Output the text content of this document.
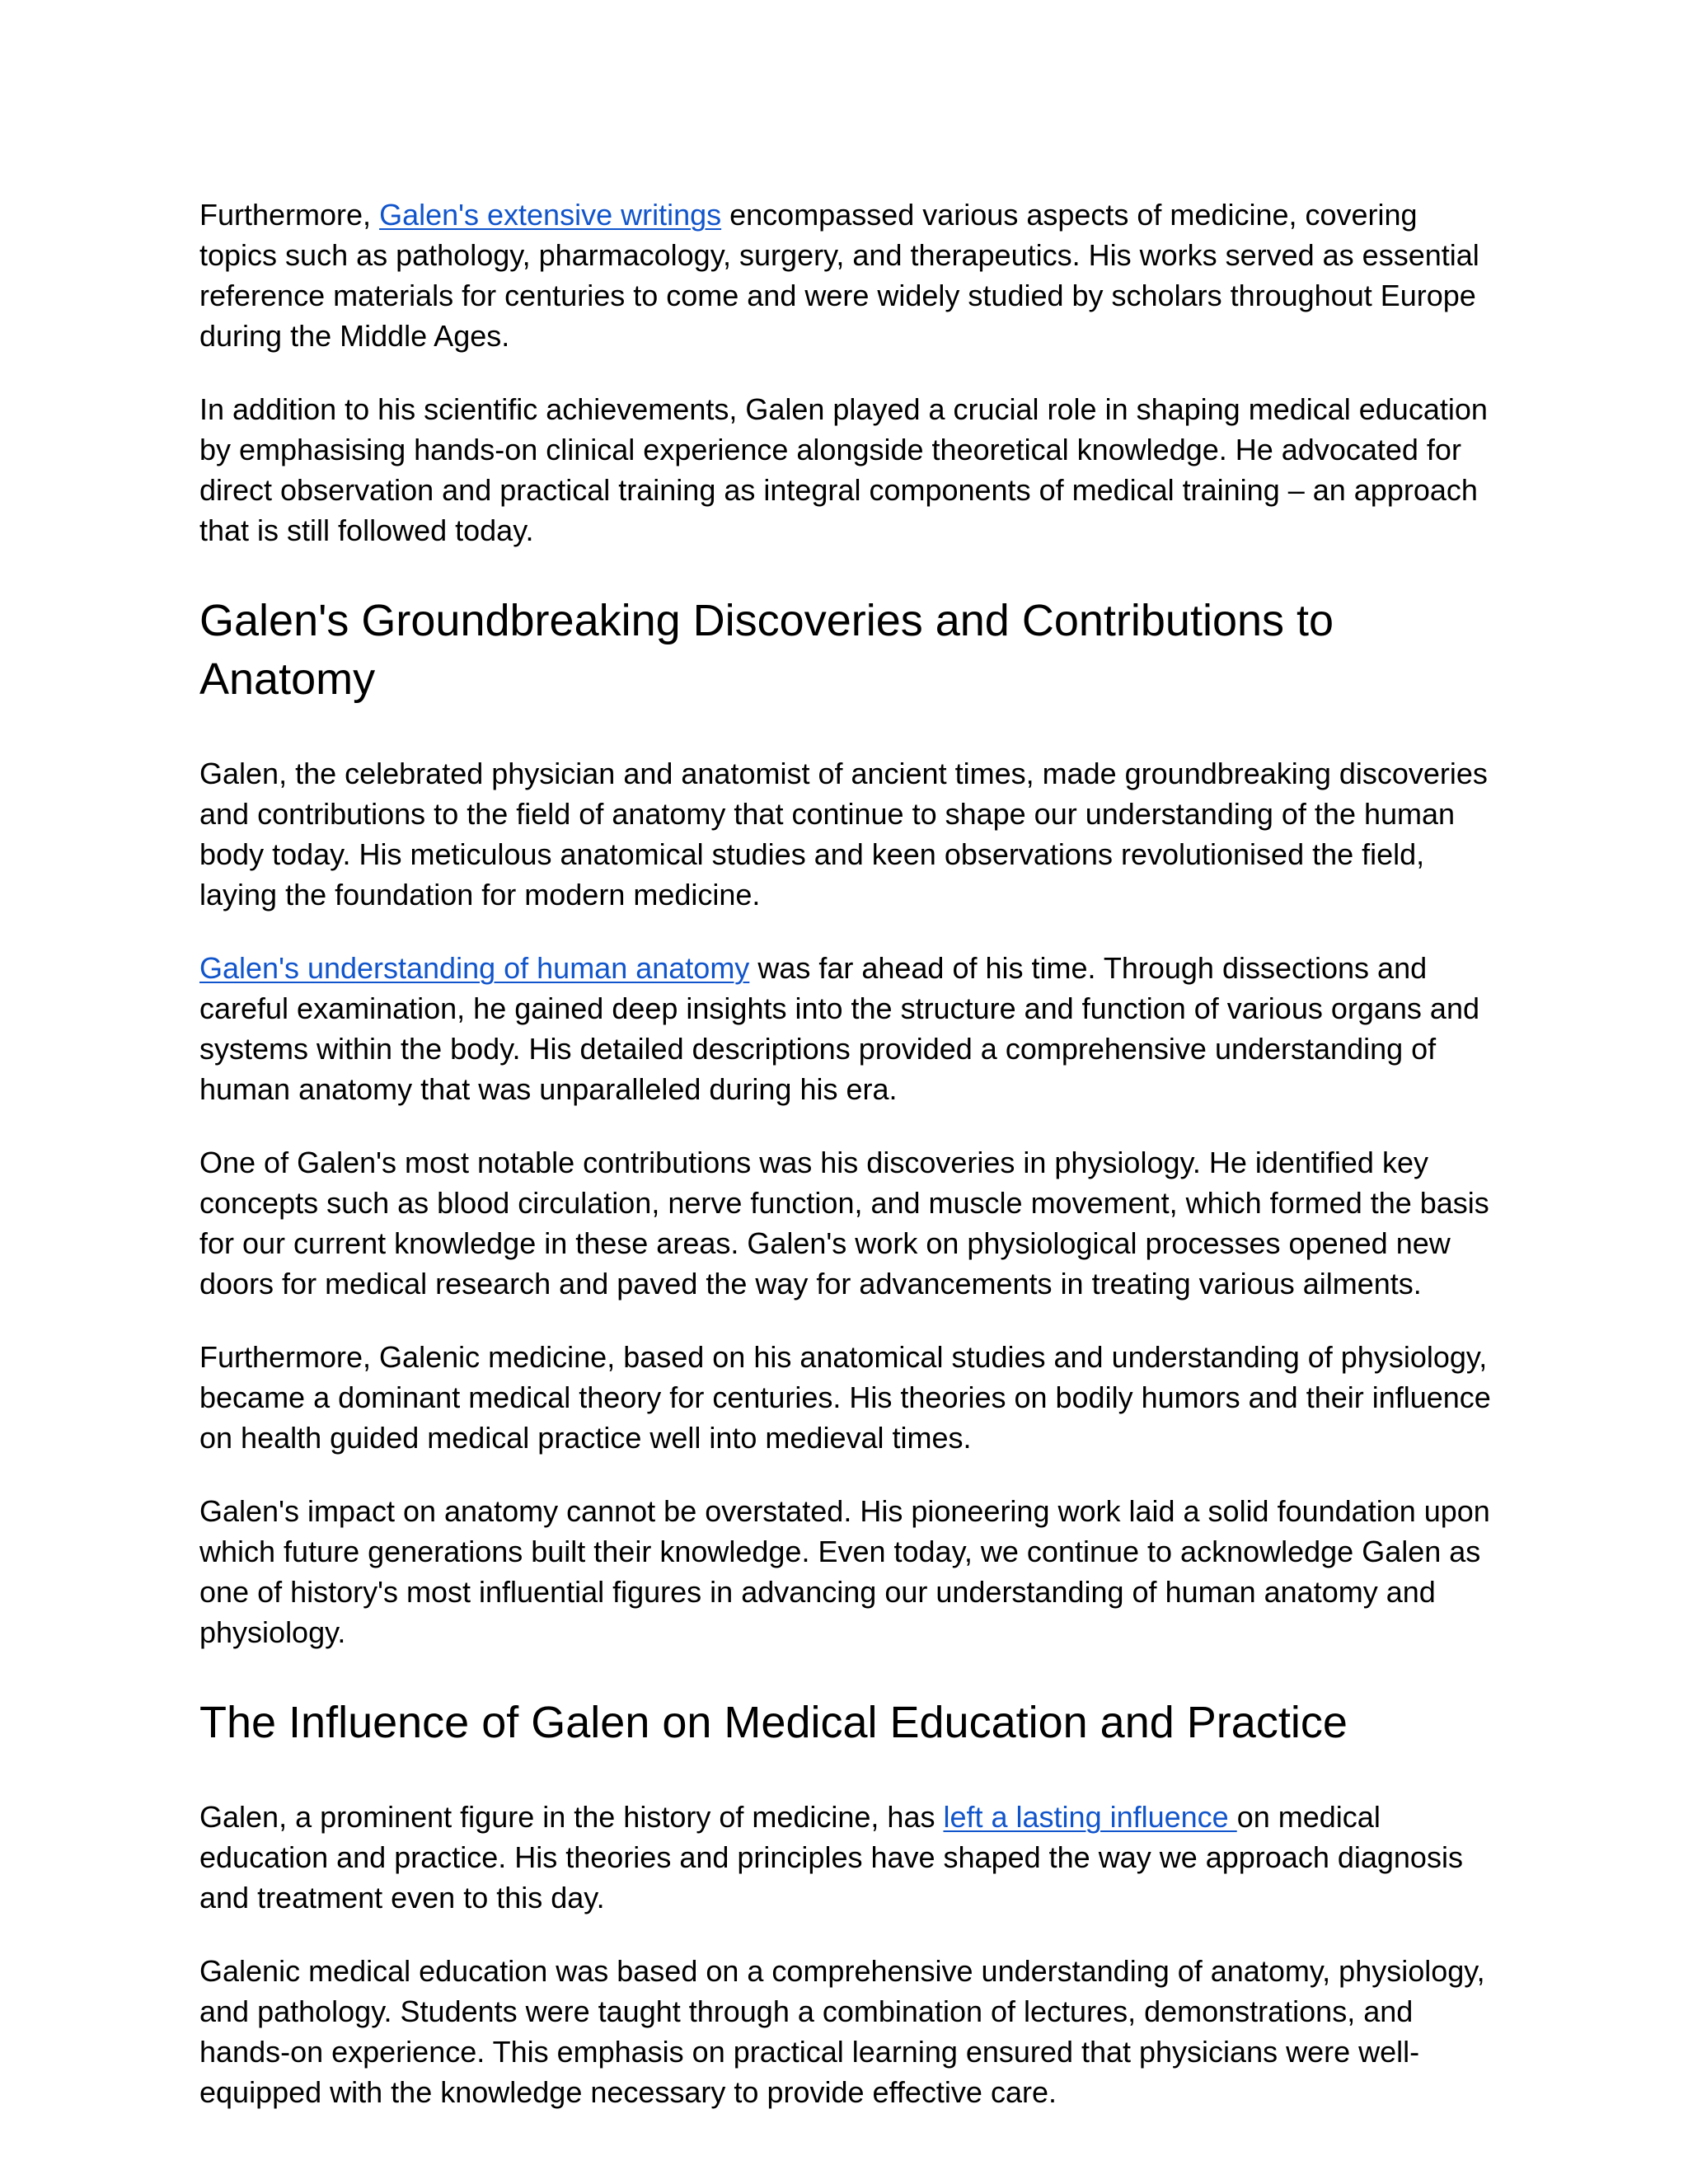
Furthermore, Galen's extensive writings encompassed various aspects of medicine, covering topics such as pathology, pharmacology, surgery, and therapeutics. His works served as essential reference materials for centuries to come and were widely studied by scholars throughout Europe during the Middle Ages.

In addition to his scientific achievements, Galen played a crucial role in shaping medical education by emphasising hands-on clinical experience alongside theoretical knowledge. He advocated for direct observation and practical training as integral components of medical training – an approach that is still followed today.

Galen's Groundbreaking Discoveries and Contributions to Anatomy

Galen, the celebrated physician and anatomist of ancient times, made groundbreaking discoveries and contributions to the field of anatomy that continue to shape our understanding of the human body today. His meticulous anatomical studies and keen observations revolutionised the field, laying the foundation for modern medicine.

Galen's understanding of human anatomy was far ahead of his time. Through dissections and careful examination, he gained deep insights into the structure and function of various organs and systems within the body. His detailed descriptions provided a comprehensive understanding of human anatomy that was unparalleled during his era.

One of Galen's most notable contributions was his discoveries in physiology. He identified key concepts such as blood circulation, nerve function, and muscle movement, which formed the basis for our current knowledge in these areas. Galen's work on physiological processes opened new doors for medical research and paved the way for advancements in treating various ailments.

Furthermore, Galenic medicine, based on his anatomical studies and understanding of physiology, became a dominant medical theory for centuries. His theories on bodily humors and their influence on health guided medical practice well into medieval times.

Galen's impact on anatomy cannot be overstated. His pioneering work laid a solid foundation upon which future generations built their knowledge. Even today, we continue to acknowledge Galen as one of history's most influential figures in advancing our understanding of human anatomy and physiology.

The Influence of Galen on Medical Education and Practice

Galen, a prominent figure in the history of medicine, has left a lasting influence on medical education and practice. His theories and principles have shaped the way we approach diagnosis and treatment even to this day.

Galenic medical education was based on a comprehensive understanding of anatomy, physiology, and pathology. Students were taught through a combination of lectures, demonstrations, and hands-on experience. This emphasis on practical learning ensured that physicians were well-equipped with the knowledge necessary to provide effective care.
